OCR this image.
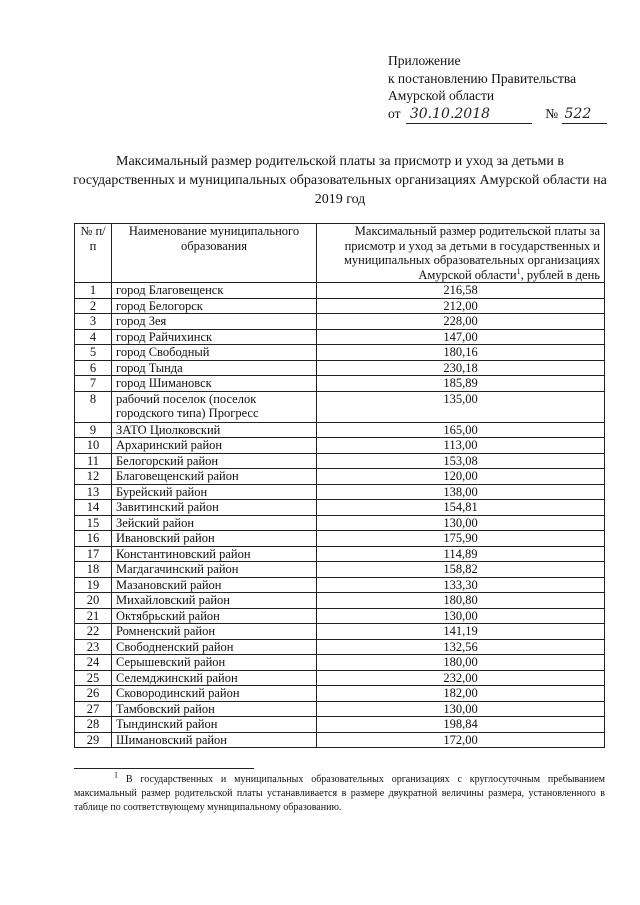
Приложение
к постановлению Правительства
Амурской области
от 30.10.2018	№ 522
Максимальный размер родительской платы за присмотр и уход за детьми в государственных и муниципальных образовательных организациях Амурской области на 2019 год
№ п/п	Наименование муниципального образования	Максимальный размер родительской платы за присмотр и уход за детьми в государственных и муниципальных образовательных организациях Амурской области$^1$, рублей в день
1	город Благовещенск	216,58
2	город Белогорск	212,00
3	город Зея	228,00
4	город Райчихинск	147,00
5	город Свободный	180,16
6	город Тында	230,18
7	город Шимановск	185,89
8	рабочий поселок (поселок городского типа) Прогресс	135,00
9	ЗАТО Циолковский	165,00
10	Архаринский район	113,00
11	Белогорский район	153,08
12	Благовещенский район	120,00
13	Бурейский район	138,00
14	Завитинский район	154,81
15	Зейский район	130,00
16	Ивановский район	175,90
17	Константиновский район	114,89
18	Магдагачинский район	158,82
19	Мазановский район	133,30
20	Михайловский район	180,80
21	Октябрьский район	130,00
22	Ромненский район	141,19
23	Свободненский район	132,56
24	Серышевский район	180,00
25	Селемджинский район	232,00
26	Сковородинский район	182,00
27	Тамбовский район	130,00
28	Тындинский район	198,84
29	Шимановский район	172,00
$^1$ В государственных и муниципальных образовательных организациях с круглосуточным пребыванием максимальный размер родительской платы устанавливается в размере двукратной величины размера, установленного в таблице по соответствующему муниципальному образованию.
